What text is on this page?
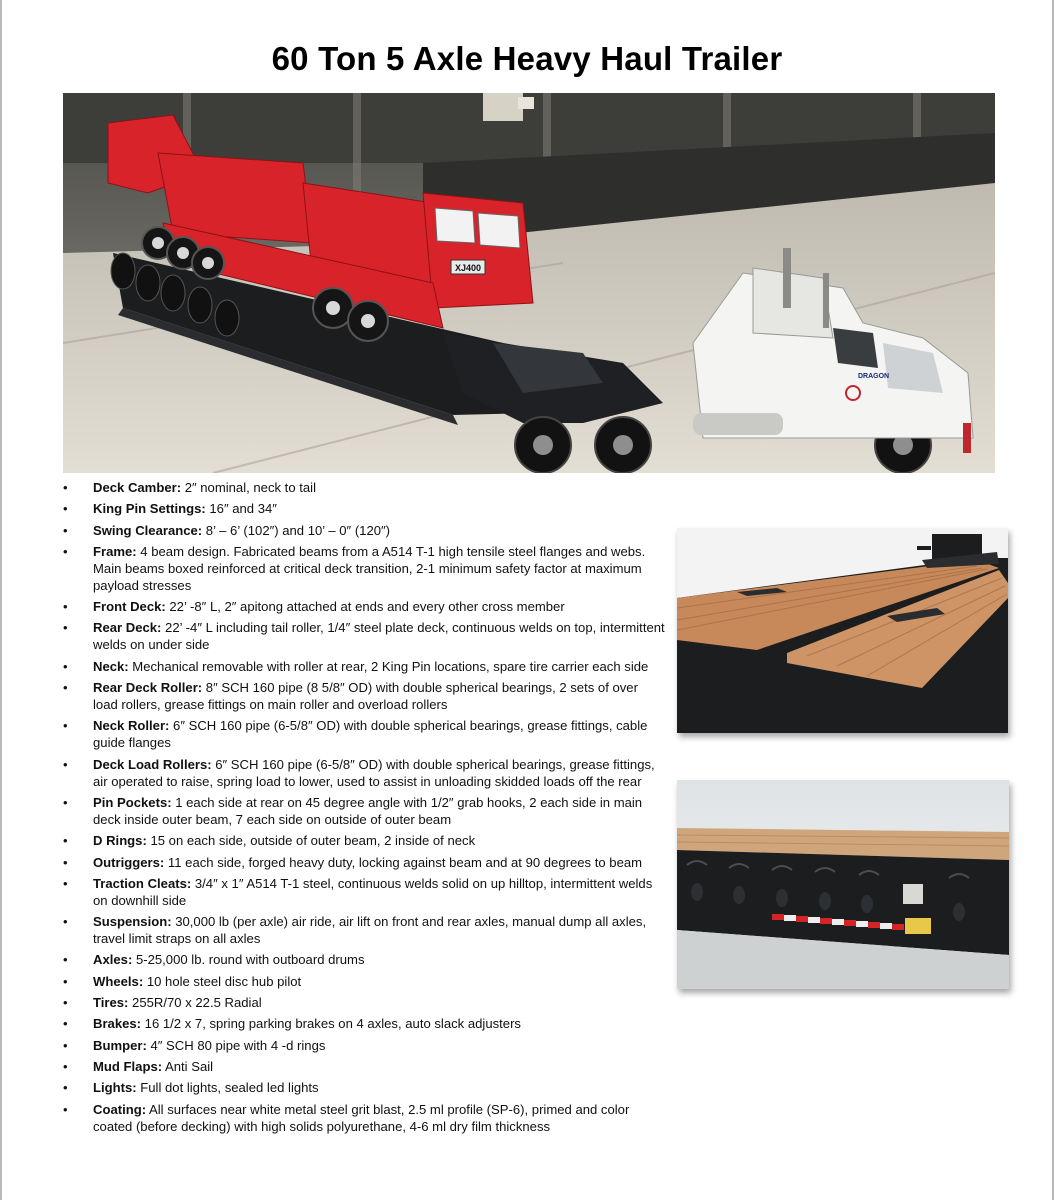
60 Ton 5 Axle Heavy Haul Trailer
XJ400
DRAGON
• Deck Camber: 2″ nominal, neck to tail
• King Pin Settings: 16″ and 34″
• Swing Clearance: 8’ – 6’ (102″) and 10’ – 0″ (120″)
• Frame: 4 beam design. Fabricated beams from a A514 T-1 high tensile steel flanges and webs. Main beams boxed reinforced at critical deck transition, 2-1 minimum safety factor at maximum payload stresses
• Front Deck: 22’ -8″ L, 2″ apitong attached at ends and every other cross member
• Rear Deck: 22’ -4″ L including tail roller, 1/4″ steel plate deck, continuous welds on top, intermittent welds on under side
• Neck: Mechanical removable with roller at rear, 2 King Pin locations, spare tire carrier each side
• Rear Deck Roller: 8″ SCH 160 pipe (8 5/8″ OD) with double spherical bearings, 2 sets of over load rollers, grease fittings on main roller and overload rollers
• Neck Roller: 6″ SCH 160 pipe (6-5/8″ OD) with double spherical bearings, grease fittings, cable guide flanges
• Deck Load Rollers: 6″ SCH 160 pipe (6-5/8″ OD) with double spherical bearings, grease fittings, air operated to raise, spring load to lower, used to assist in unloading skidded loads off the rear
• Pin Pockets: 1 each side at rear on 45 degree angle with 1/2″ grab hooks, 2 each side in main deck inside outer beam, 7 each side on outside of outer beam
• D Rings: 15 on each side, outside of outer beam, 2 inside of neck
• Outriggers: 11 each side, forged heavy duty, locking against beam and at 90 degrees to beam
• Traction Cleats: 3/4″ x 1″ A514 T-1 steel, continuous welds solid on up hilltop, intermittent welds on downhill side
• Suspension: 30,000 lb (per axle) air ride, air lift on front and rear axles, manual dump all axles, travel limit straps on all axles
• Axles: 5-25,000 lb. round with outboard drums
• Wheels: 10 hole steel disc hub pilot
• Tires: 255R/70 x 22.5 Radial
• Brakes: 16 1/2 x 7, spring parking brakes on 4 axles, auto slack adjusters
• Bumper: 4″ SCH 80 pipe with 4 -d rings
• Mud Flaps: Anti Sail
• Lights: Full dot lights, sealed led lights
• Coating: All surfaces near white metal steel grit blast, 2.5 ml profile (SP-6), primed and color coated (before decking) with high solids polyurethane, 4-6 ml dry film thickness
